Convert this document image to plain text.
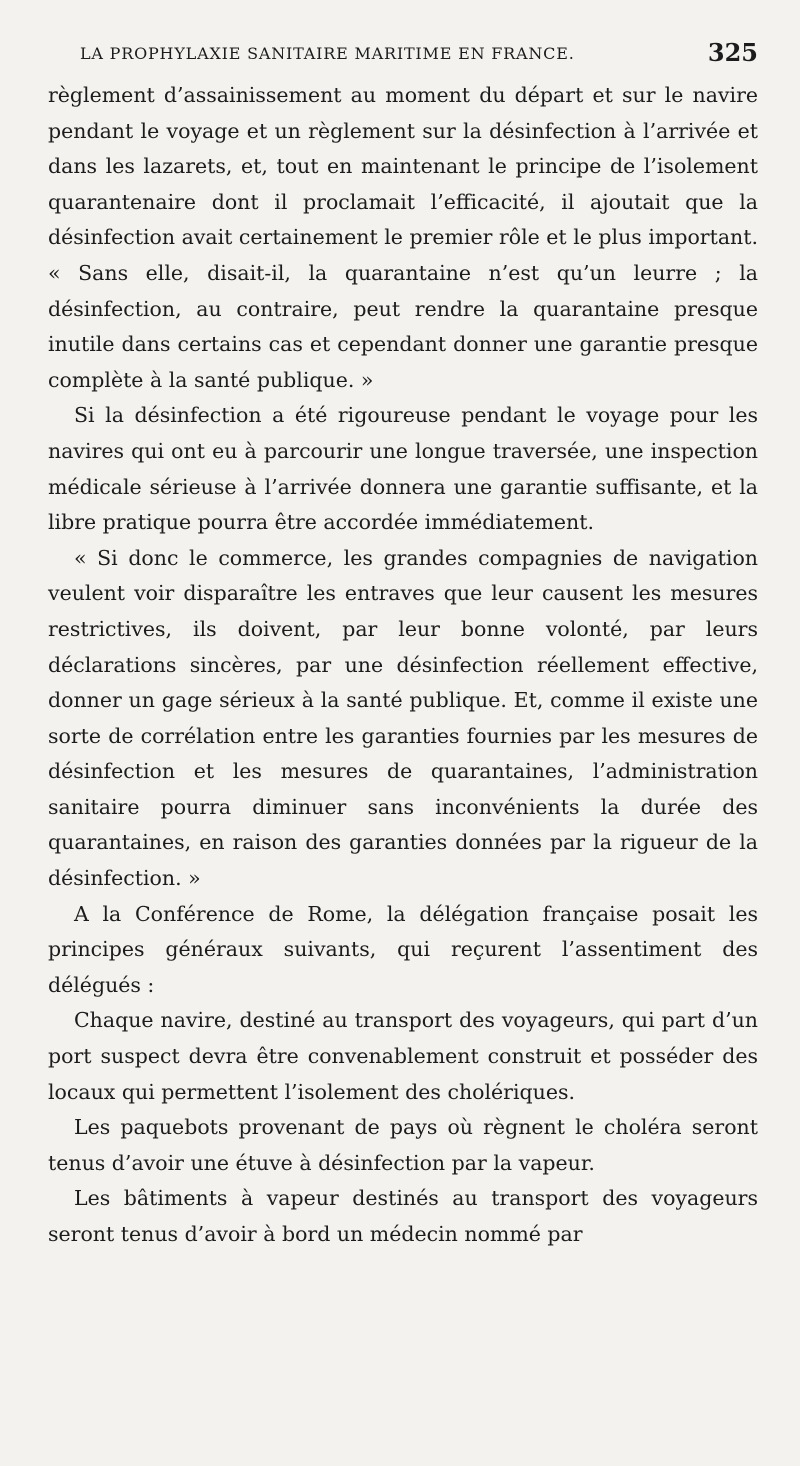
LA PROPHYLAXIE SANITAIRE MARITIME EN FRANCE.	325

règlement d’assainissement au moment du départ et sur le navire pendant le voyage et un règlement sur la désinfection à l’arrivée et dans les lazarets, et, tout en maintenant le principe de l’isolement quarantenaire dont il proclamait l’efficacité, il ajoutait que la désinfection avait certainement le premier rôle et le plus important. « Sans elle, disait-il, la quarantaine n’est qu’un leurre ; la désinfection, au contraire, peut rendre la quarantaine presque inutile dans certains cas et cependant donner une garantie presque complète à la santé publique. »

Si la désinfection a été rigoureuse pendant le voyage pour les navires qui ont eu à parcourir une longue traversée, une inspection médicale sérieuse à l’arrivée donnera une garantie suffisante, et la libre pratique pourra être accordée immédiatement.

« Si donc le commerce, les grandes compagnies de navigation veulent voir disparaître les entraves que leur causent les mesures restrictives, ils doivent, par leur bonne volonté, par leurs déclarations sincères, par une désinfection réellement effective, donner un gage sérieux à la santé publique. Et, comme il existe une sorte de corrélation entre les garanties fournies par les mesures de désinfection et les mesures de quarantaines, l’administration sanitaire pourra diminuer sans inconvénients la durée des quarantaines, en raison des garanties données par la rigueur de la désinfection. »

A la Conférence de Rome, la délégation française posait les principes généraux suivants, qui reçurent l’assentiment des délégués :

Chaque navire, destiné au transport des voyageurs, qui part d’un port suspect devra être convenablement construit et posséder des locaux qui permettent l’isolement des cholériques.

Les paquebots provenant de pays où règnent le choléra seront tenus d’avoir une étuve à désinfection par la vapeur.

Les bâtiments à vapeur destinés au transport des voyageurs seront tenus d’avoir à bord un médecin nommé par
